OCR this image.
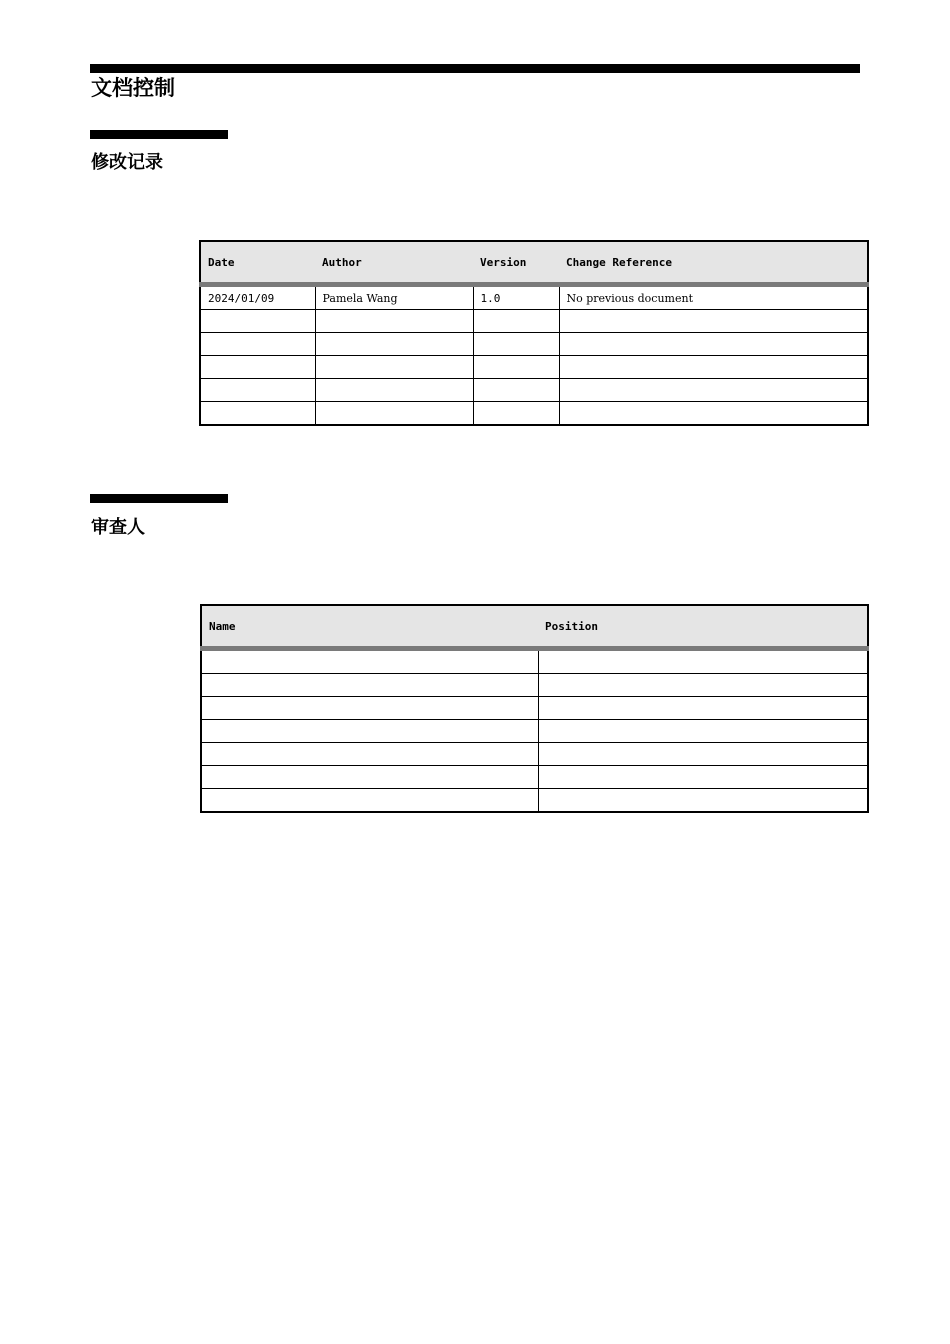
文档控制
修改记录
Date	Author	Version	Change Reference
2024/01/09	Pamela Wang	1.0	No previous document

审查人
Name	Position
